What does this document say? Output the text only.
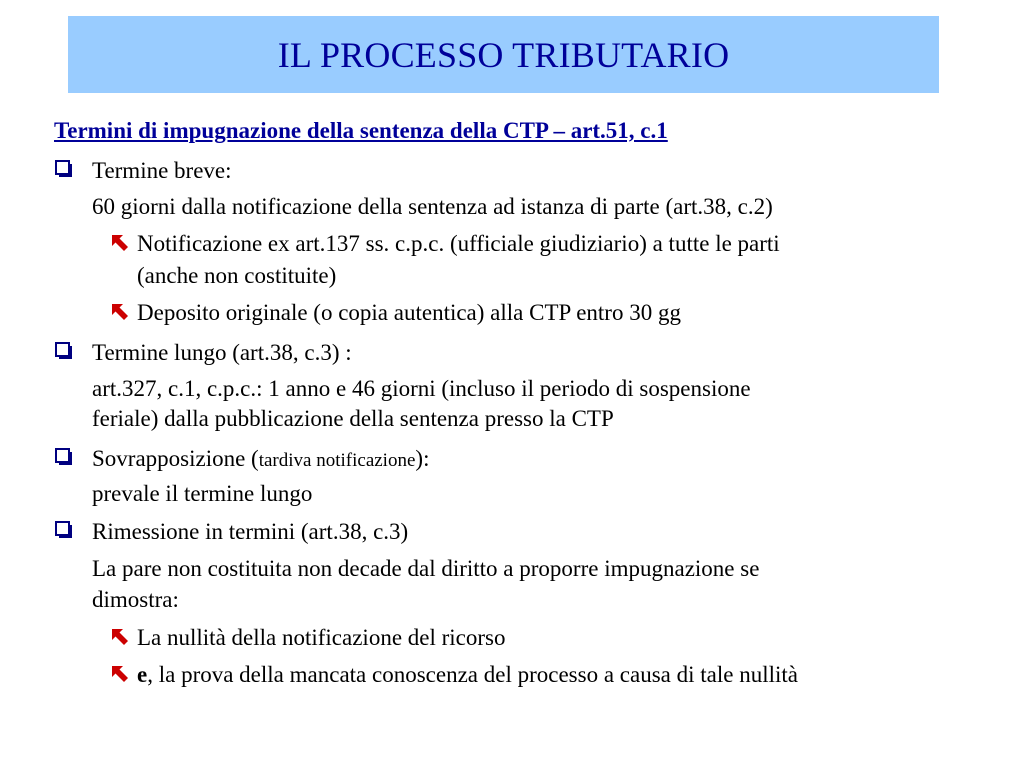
IL PROCESSO TRIBUTARIO
Termini di impugnazione della sentenza della CTP – art.51, c.1
Termine breve:
60 giorni dalla notificazione della sentenza ad istanza di parte (art.38, c.2)
Notificazione ex art.137 ss. c.p.c. (ufficiale giudiziario) a tutte le parti
(anche non costituite)
Deposito originale (o copia autentica) alla CTP entro 30 gg
Termine lungo (art.38, c.3) :
art.327, c.1, c.p.c.: 1 anno e 46 giorni (incluso il periodo di sospensione
feriale) dalla pubblicazione della sentenza presso la CTP
Sovrapposizione (tardiva notificazione):
prevale il termine lungo
Rimessione in termini (art.38, c.3)
La pare non costituita non decade dal diritto a proporre impugnazione se
dimostra:
La nullità della notificazione del ricorso
e, la prova della mancata conoscenza del processo a causa di tale nullità
